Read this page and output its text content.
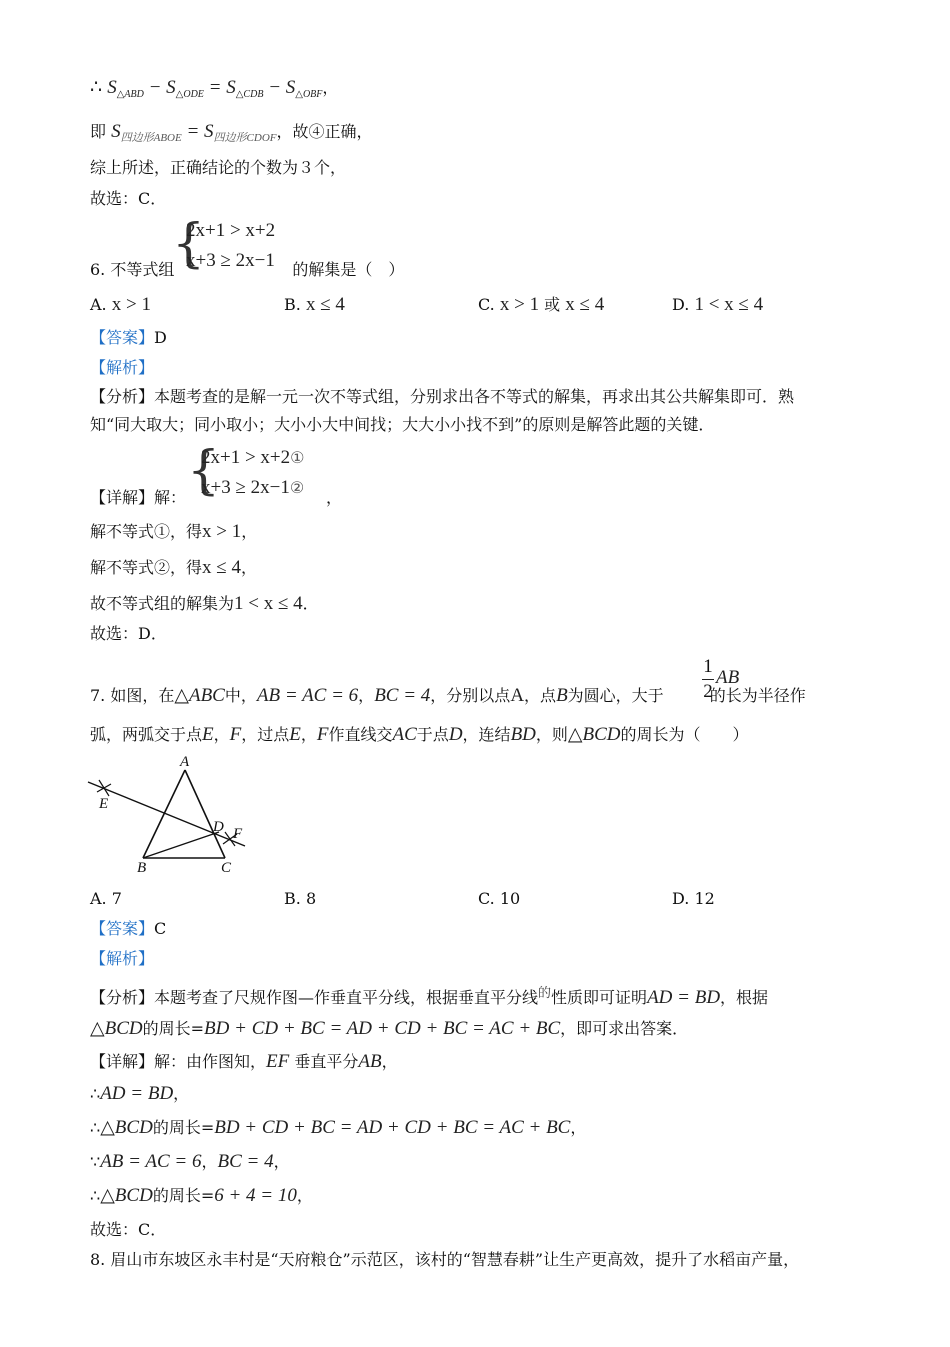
∴ $S_{\triangle ABD} - S_{\triangle ODE} = S_{\triangle CDB} - S_{\triangle OBF}$，
即 $S_{四边形ABOE} = S_{四边形CDOF}$，故④正确，
综上所述，正确结论的个数为３个，
故选：C．
{
2x+1 > x+2
x+3 ≥ 2x−1
6. 不等式组	的解集是（　）
A. x > 1	B. x ≤ 4	C. x > 1 或 x ≤ 4	D. 1 < x ≤ 4
【答案】D
【解析】
【分析】本题考查的是解一元一次不等式组，分别求出各不等式的解集，再求出其公共解集即可．熟
知“同大取大；同小取小；大小小大中间找；大大小小找不到”的原则是解答此题的关键．
{
2x+1 > x+2①
x+3 ≥ 2x−1②
【详解】解：	，
解不等式①，得x > 1，
解不等式②，得x ≤ 4，
故不等式组的解集为1 < x ≤ 4．
故选：D．
1
2
AB
7. 如图，在△ABC中，AB = AC = 6，BC = 4，分别以点A，点B为圆心，大于	的长为半径作
弧，两弧交于点E，F，过点E，F作直线交AC于点D，连结BD，则△BCD的周长为（　　）
A
B	C
D
E
F
A. 7	B. 8	C. 10	D. 12
【答案】C
【解析】
【分析】本题考查了尺规作图—作垂直平分线，根据垂直平分线$^的$性质即可证明AD = BD，根据
△BCD的周长=BD + CD + BC = AD + CD + BC = AC + BC，即可求出答案．
【详解】解：由作图知，EF 垂直平分AB，
∴AD = BD，
∴△BCD的周长=BD + CD + BC = AD + CD + BC = AC + BC，
∵AB = AC = 6，BC = 4，
∴△BCD的周长=6 + 4 = 10，
故选：C．
8. 眉山市东坡区永丰村是“天府粮仓”示范区，该村的“智慧春耕”让生产更高效，提升了水稻亩产量，
